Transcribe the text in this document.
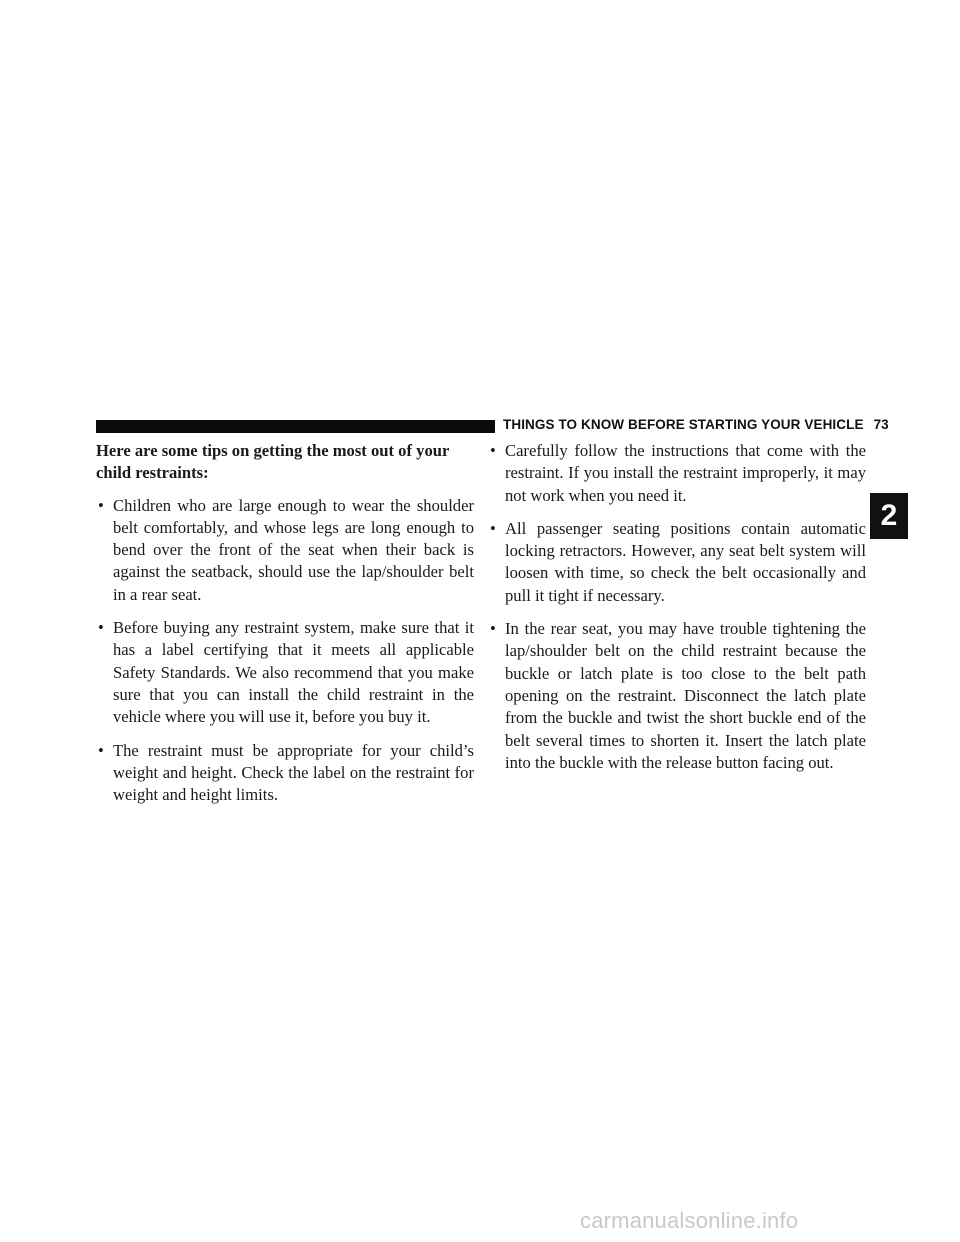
THINGS TO KNOW BEFORE STARTING YOUR VEHICLE 73
2

Here are some tips on getting the most out of your child restraints:

• Children who are large enough to wear the shoulder belt comfortably, and whose legs are long enough to bend over the front of the seat when their back is against the seatback, should use the lap/shoulder belt in a rear seat.
• Before buying any restraint system, make sure that it has a label certifying that it meets all applicable Safety Standards. We also recommend that you make sure that you can install the child restraint in the vehicle where you will use it, before you buy it.
• The restraint must be appropriate for your child’s weight and height. Check the label on the restraint for weight and height limits.
• Carefully follow the instructions that come with the restraint. If you install the restraint improperly, it may not work when you need it.
• All passenger seating positions contain automatic locking retractors. However, any seat belt system will loosen with time, so check the belt occasionally and pull it tight if necessary.
• In the rear seat, you may have trouble tightening the lap/shoulder belt on the child restraint because the buckle or latch plate is too close to the belt path opening on the restraint. Disconnect the latch plate from the buckle and twist the short buckle end of the belt several times to shorten it. Insert the latch plate into the buckle with the release button facing out.
carmanualsonline.info
